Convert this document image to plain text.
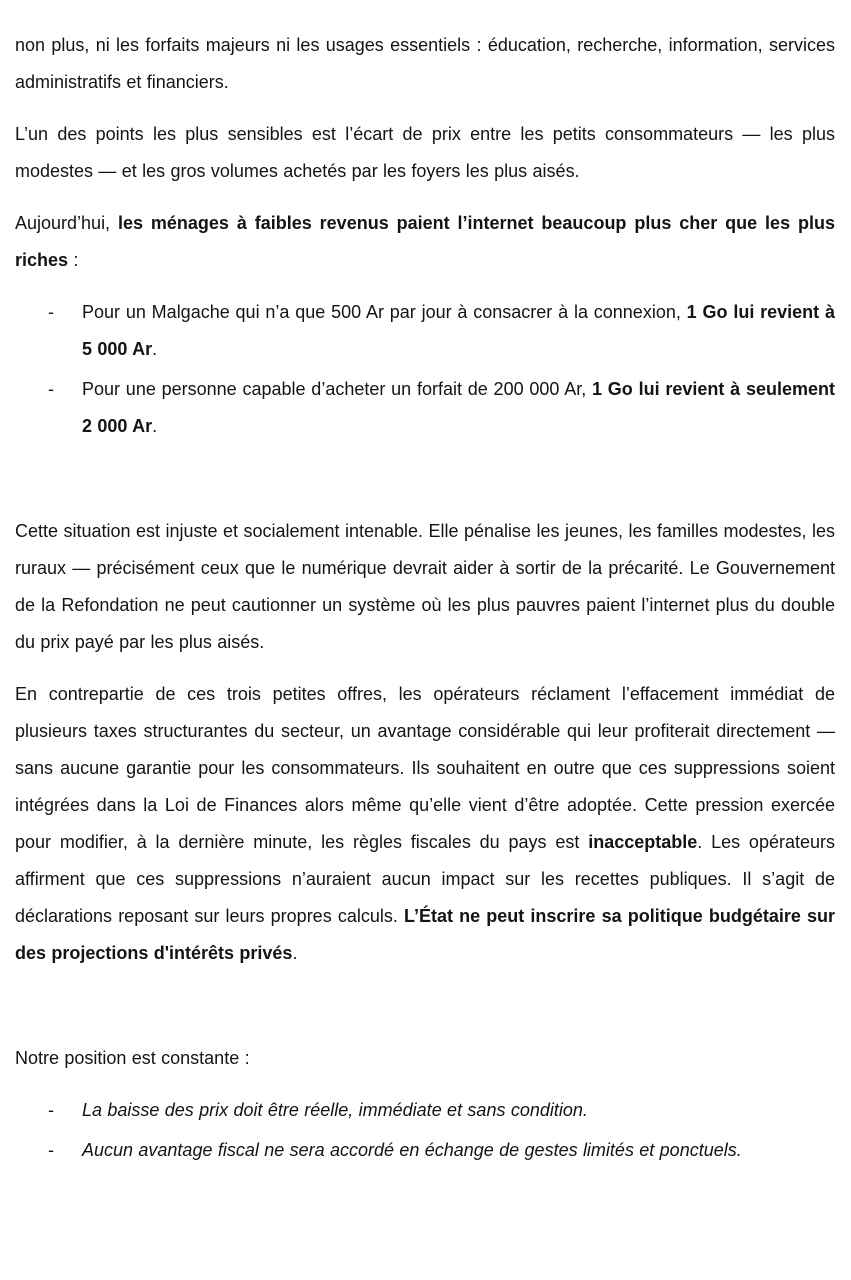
non plus, ni les forfaits majeurs ni les usages essentiels : éducation, recherche, information, services administratifs et financiers.

L’un des points les plus sensibles est l’écart de prix entre les petits consommateurs — les plus modestes — et les gros volumes achetés par les foyers les plus aisés.

Aujourd’hui, les ménages à faibles revenus paient l’internet beaucoup plus cher que les plus riches :

- Pour un Malgache qui n’a que 500 Ar par jour à consacrer à la connexion, 1 Go lui revient à 5 000 Ar.
- Pour une personne capable d’acheter un forfait de 200 000 Ar, 1 Go lui revient à seulement 2 000 Ar.

Cette situation est injuste et socialement intenable. Elle pénalise les jeunes, les familles modestes, les ruraux — précisément ceux que le numérique devrait aider à sortir de la précarité. Le Gouvernement de la Refondation ne peut cautionner un système où les plus pauvres paient l’internet plus du double du prix payé par les plus aisés.

En contrepartie de ces trois petites offres, les opérateurs réclament l’effacement immédiat de plusieurs taxes structurantes du secteur, un avantage considérable qui leur profiterait directement — sans aucune garantie pour les consommateurs. Ils souhaitent en outre que ces suppressions soient intégrées dans la Loi de Finances alors même qu’elle vient d’être adoptée. Cette pression exercée pour modifier, à la dernière minute, les règles fiscales du pays est inacceptable. Les opérateurs affirment que ces suppressions n’auraient aucun impact sur les recettes publiques. Il s’agit de déclarations reposant sur leurs propres calculs. L’État ne peut inscrire sa politique budgétaire sur des projections d'intérêts privés.

Notre position est constante :

- La baisse des prix doit être réelle, immédiate et sans condition.
- Aucun avantage fiscal ne sera accordé en échange de gestes limités et ponctuels.
